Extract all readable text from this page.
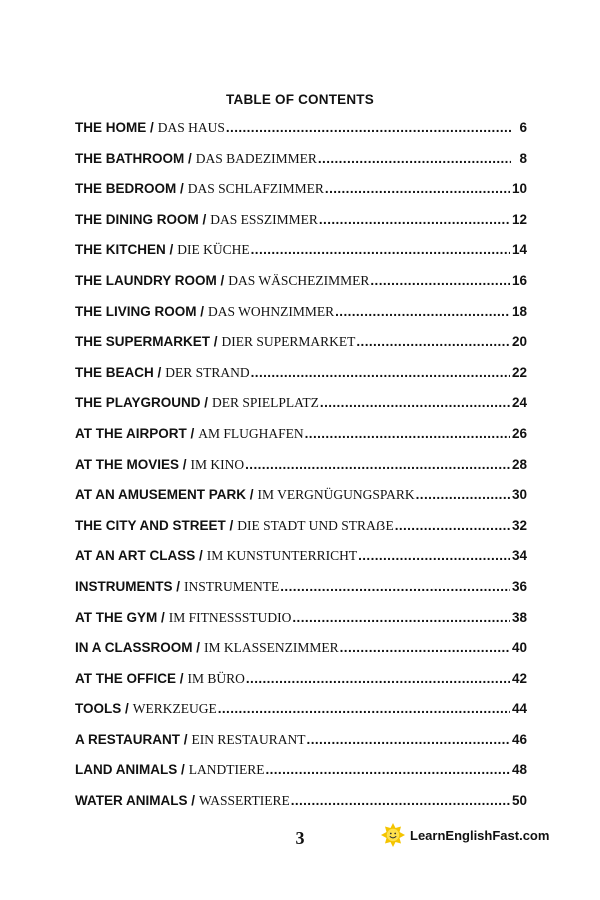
TABLE OF CONTENTS
THE HOME / DAS HAUS .....	6
THE BATHROOM / DAS BADEZIMMER .....	8
THE BEDROOM / DAS SCHLAFZIMMER .....	10
THE DINING ROOM / DAS ESSZIMMER .....	12
THE KITCHEN / DIE KÜCHE .....	14
THE LAUNDRY ROOM / DAS WÄSCHEZIMMER .....	16
THE LIVING ROOM / DAS WOHNZIMMER .....	18
THE SUPERMARKET / DIER SUPERMARKET .....	20
THE BEACH / DER STRAND .....	22
THE PLAYGROUND / DER SPIELPLATZ .....	24
AT THE AIRPORT / AM FLUGHAFEN .....	26
AT THE MOVIES / IM KINO .....	28
AT AN AMUSEMENT PARK / IM VERGNÜGUNGSPARK .....	30
THE CITY AND STREET / DIE STADT UND STRAẞE .....	32
AT AN ART CLASS / IM KUNSTUNTERRICHT .....	34
INSTRUMENTS / INSTRUMENTE .....	36
AT THE GYM / IM FITNESSSTUDIO .....	38
IN A CLASSROOM / IM KLASSENZIMMER .....	40
AT THE OFFICE / IM BÜRO .....	42
TOOLS / WERKZEUGE .....	44
A RESTAURANT / EIN RESTAURANT .....	46
LAND ANIMALS / LANDTIERE .....	48
WATER ANIMALS / WASSERTIERE .....	50
3	LearnEnglishFast.com
